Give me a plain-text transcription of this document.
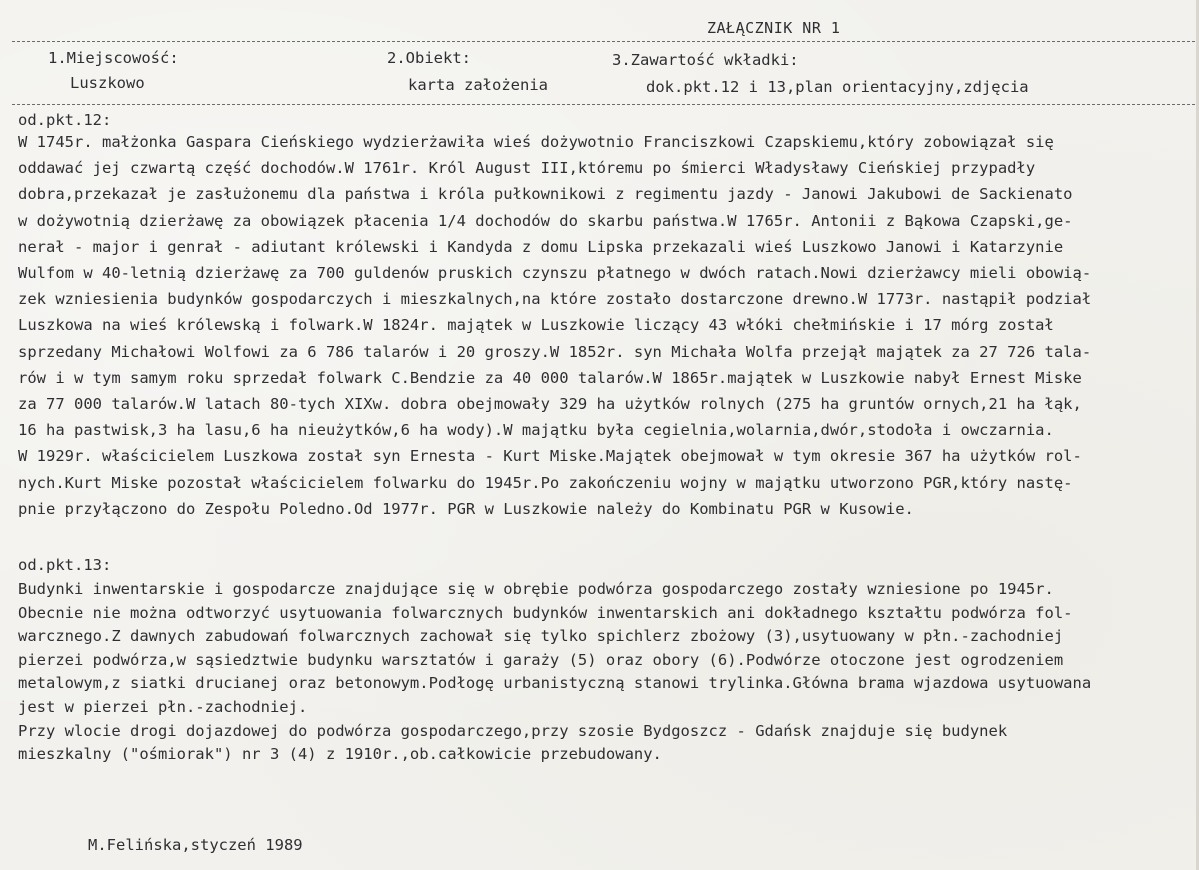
ZAŁĄCZNIK NR 1
1.Miejscowość:
Luszkowo
2.Obiekt:
karta założenia
3.Zawartość wkładki:
dok.pkt.12 i 13,plan orientacyjny,zdjęcia
od.pkt.12:
W 1745r. małżonka Gaspara Cieńskiego wydzierżawiła wieś dożywotnio Franciszkowi Czapskiemu,który zobowiązał się
oddawać jej czwartą część dochodów.W 1761r. Król August III,któremu po śmierci Władysławy Cieńskiej przypadły
dobra,przekazał je zasłużonemu dla państwa i króla pułkownikowi z regimentu jazdy - Janowi Jakubowi de Sackienato
w dożywotnią dzierżawę za obowiązek płacenia 1/4 dochodów do skarbu państwa.W 1765r. Antonii z Bąkowa Czapski,ge-
nerał - major i genrał - adiutant królewski i Kandyda z domu Lipska przekazali wieś Luszkowo Janowi i Katarzynie
Wulfom w 40-letnią dzierżawę za 700 guldenów pruskich czynszu płatnego w dwóch ratach.Nowi dzierżawcy mieli obowią-
zek wzniesienia budynków gospodarczych i mieszkalnych,na które zostało dostarczone drewno.W 1773r. nastąpił podział
Luszkowa na wieś królewską i folwark.W 1824r. majątek w Luszkowie liczący 43 włóki chełmińskie i 17 mórg został
sprzedany Michałowi Wolfowi za 6 786 talarów i 20 groszy.W 1852r. syn Michała Wolfa przejął majątek za 27 726 tala-
rów i w tym samym roku sprzedał folwark C.Bendzie za 40 000 talarów.W 1865r.majątek w Luszkowie nabył Ernest Miske
za 77 000 talarów.W latach 80-tych XIXw. dobra obejmowały 329 ha użytków rolnych (275 ha gruntów ornych,21 ha łąk,
16 ha pastwisk,3 ha lasu,6 ha nieużytków,6 ha wody).W majątku była cegielnia,wolarnia,dwór,stodoła i owczarnia.
W 1929r. właścicielem Luszkowa został syn Ernesta - Kurt Miske.Majątek obejmował w tym okresie 367 ha użytków rol-
nych.Kurt Miske pozostał właścicielem folwarku do 1945r.Po zakończeniu wojny w majątku utworzono PGR,który nastę-
pnie przyłączono do Zespołu Poledno.Od 1977r. PGR w Luszkowie należy do Kombinatu PGR w Kusowie.
od.pkt.13:
Budynki inwentarskie i gospodarcze znajdujące się w obrębie podwórza gospodarczego zostały wzniesione po 1945r.
Obecnie nie można odtworzyć usytuowania folwarcznych budynków inwentarskich ani dokładnego kształtu podwórza fol-
warcznego.Z dawnych zabudowań folwarcznych zachował się tylko spichlerz zbożowy (3),usytuowany w płn.-zachodniej
pierzei podwórza,w sąsiedztwie budynku warsztatów i garaży (5) oraz obory (6).Podwórze otoczone jest ogrodzeniem
metalowym,z siatki drucianej oraz betonowym.Podłogę urbanistyczną stanowi trylinka.Główna brama wjazdowa usytuowana
jest w pierzei płn.-zachodniej.
Przy wlocie drogi dojazdowej do podwórza gospodarczego,przy szosie Bydgoszcz - Gdańsk znajduje się budynek
mieszkalny ("ośmiorak") nr 3 (4) z 1910r.,ob.całkowicie przebudowany.
M.Felińska,styczeń 1989
